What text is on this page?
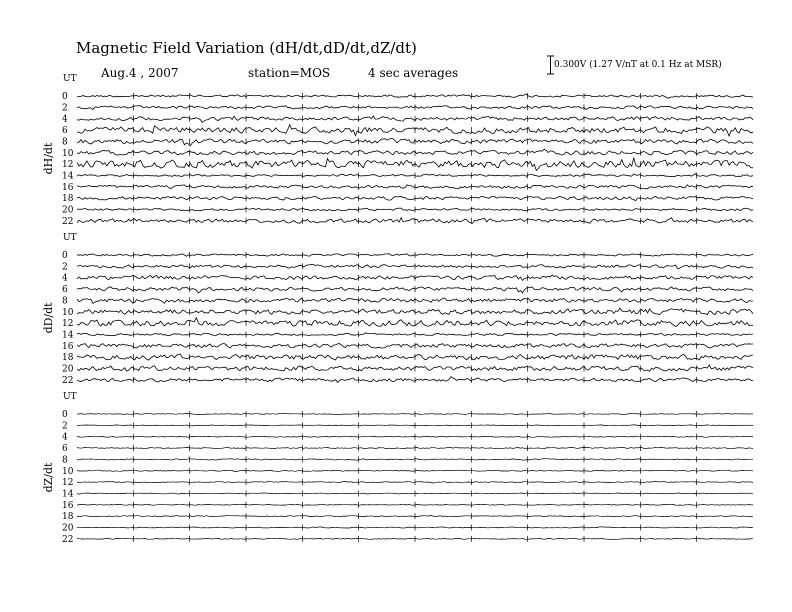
Magnetic Field Variation (dH/dt,dD/dt,dZ/dt)
Aug.4 , 2007	station=MOS	4 sec averages
0.300V (1.27 V/nT at 0.1 Hz at MSR)
UT
dH/dt
0
2
4
6
8
10
12
14
16
18
20
22
UT
dD/dt
0
2
4
6
8
10
12
14
16
18
20
22
UT
dZ/dt
0
2
4
6
8
10
12
14
16
18
20
22
